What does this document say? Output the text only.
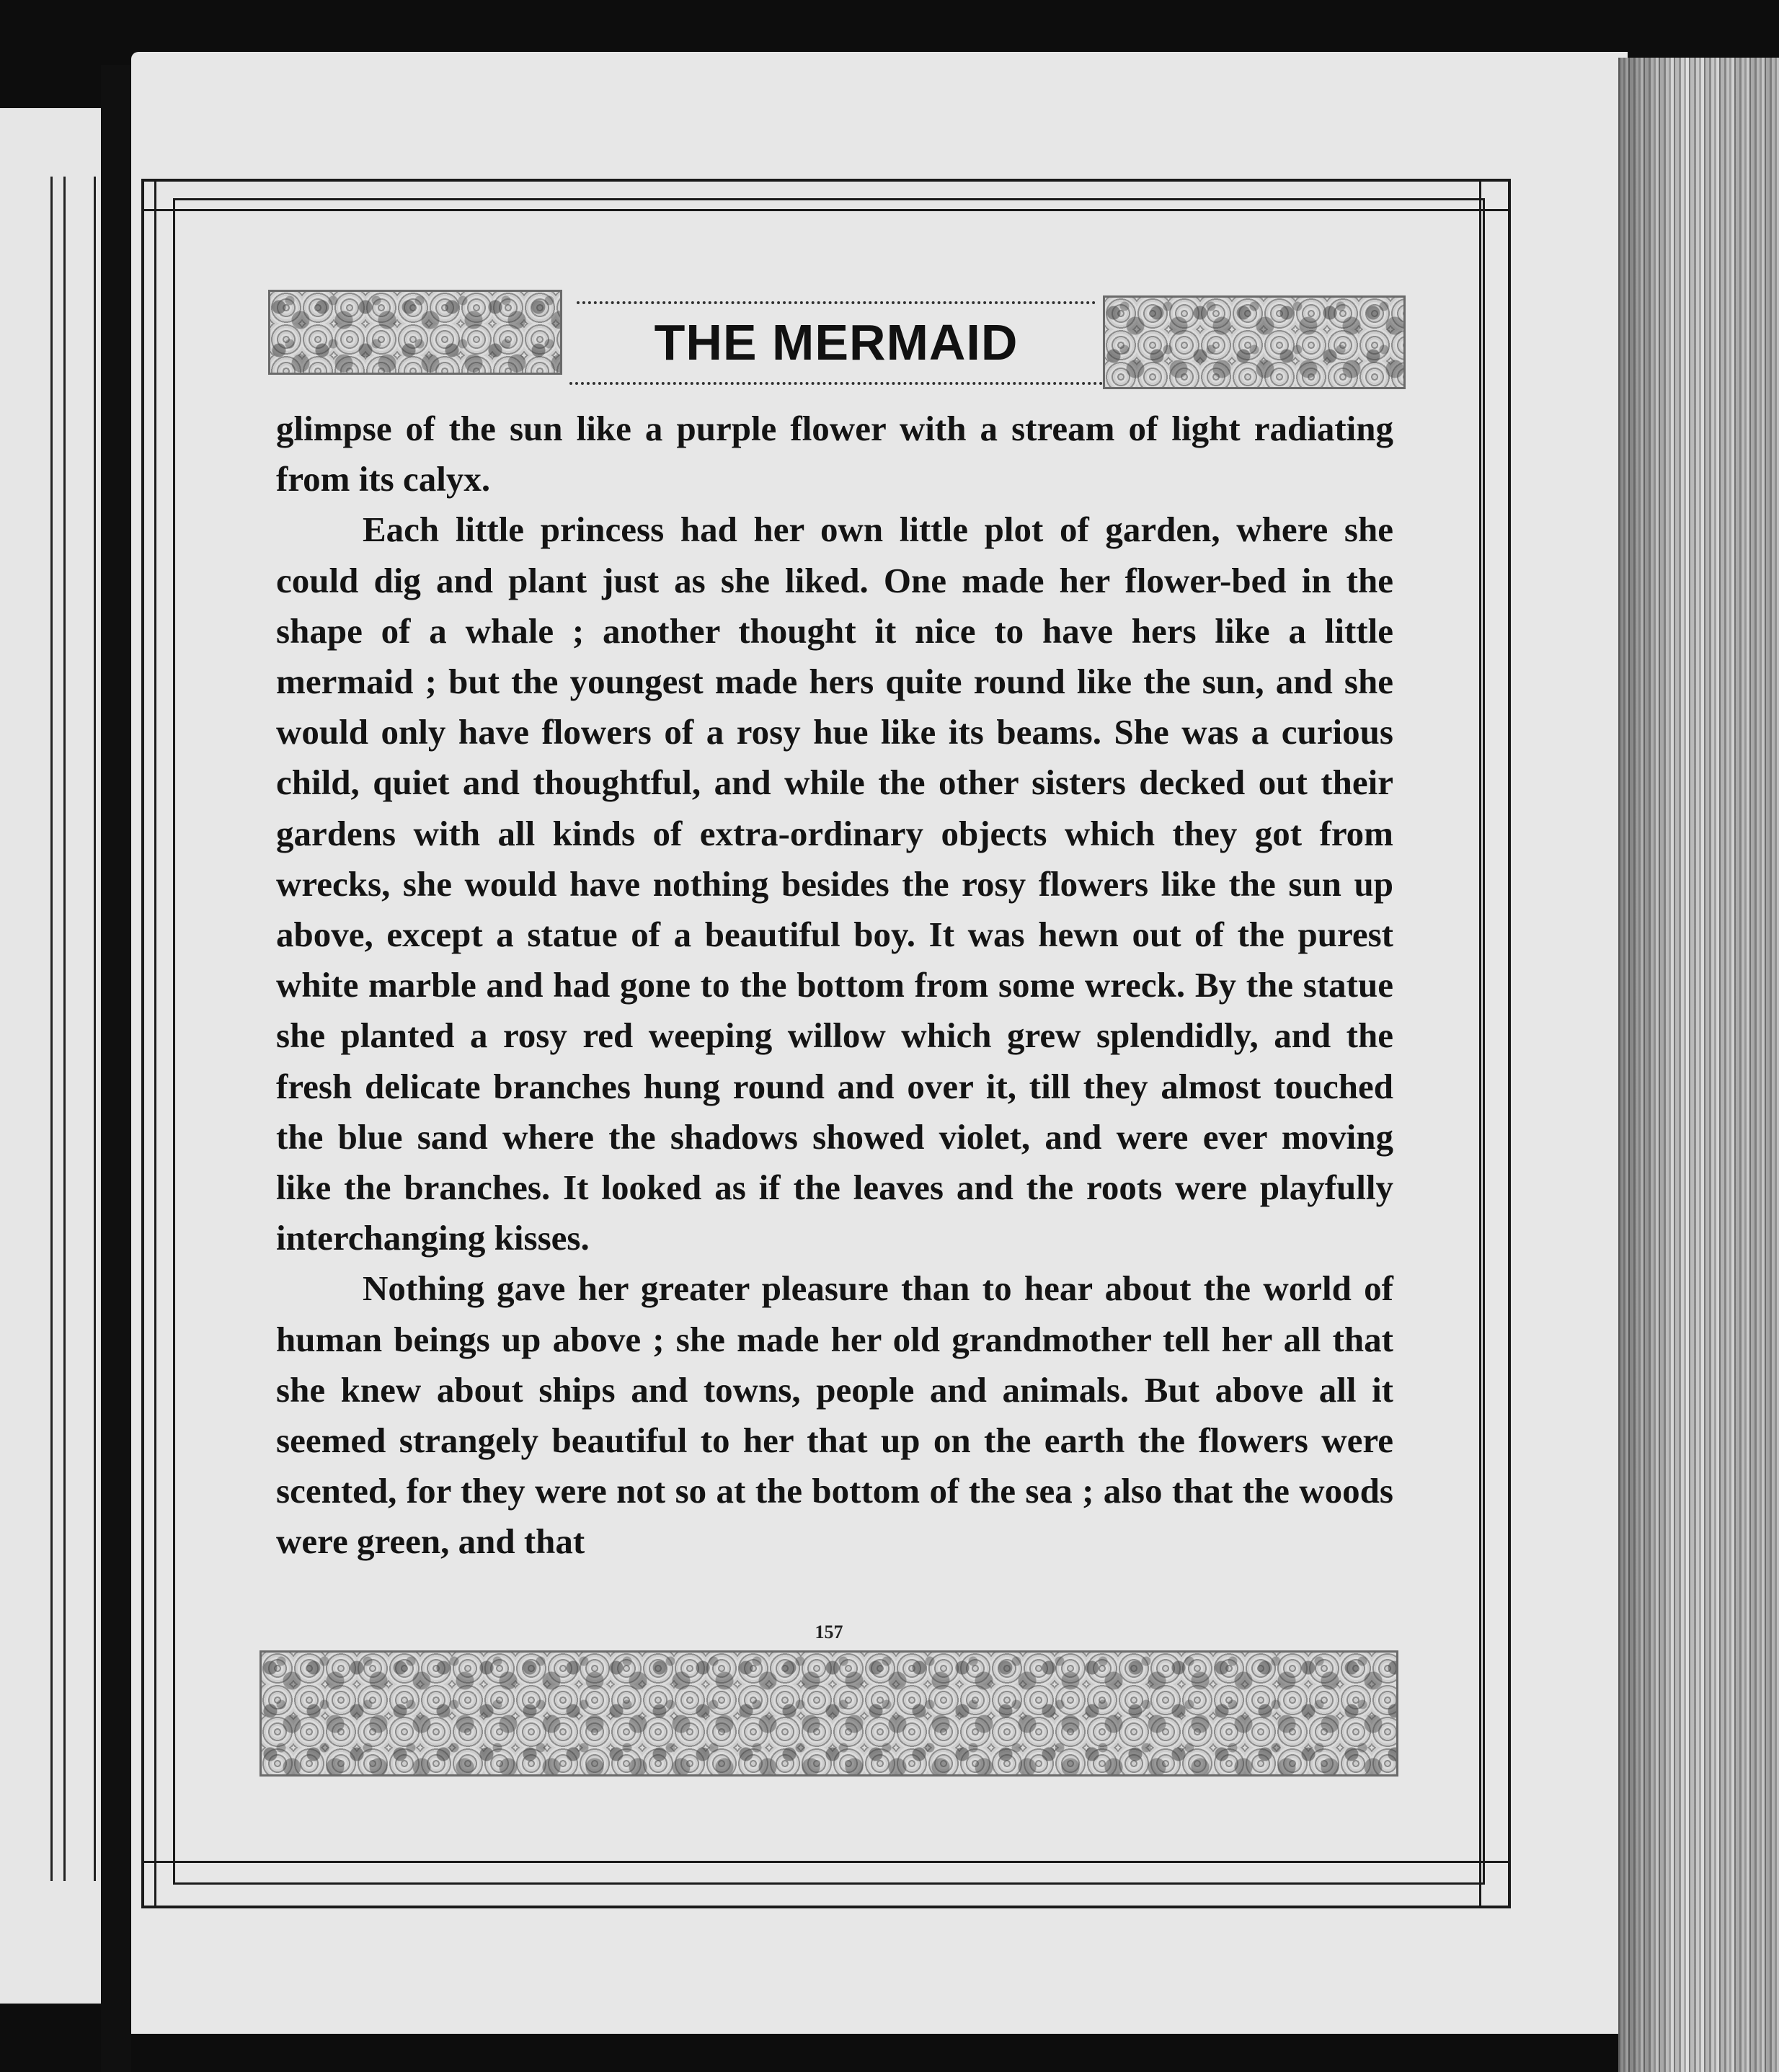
THE MERMAID

glimpse of the sun like a purple flower with a stream of light radiating from its calyx.

Each little princess had her own little plot of garden, where she could dig and plant just as she liked. One made her flower-bed in the shape of a whale ; another thought it nice to have hers like a little mermaid ; but the youngest made hers quite round like the sun, and she would only have flowers of a rosy hue like its beams. She was a curious child, quiet and thoughtful, and while the other sisters decked out their gardens with all kinds of extra-ordinary objects which they got from wrecks, she would have nothing besides the rosy flowers like the sun up above, except a statue of a beautiful boy. It was hewn out of the purest white marble and had gone to the bottom from some wreck. By the statue she planted a rosy red weeping willow which grew splendidly, and the fresh delicate branches hung round and over it, till they almost touched the blue sand where the shadows showed violet, and were ever moving like the branches. It looked as if the leaves and the roots were playfully interchanging kisses.

Nothing gave her greater pleasure than to hear about the world of human beings up above ; she made her old grandmother tell her all that she knew about ships and towns, people and animals. But above all it seemed strangely beautiful to her that up on the earth the flowers were scented, for they were not so at the bottom of the sea ; also that the woods were green, and that

157
